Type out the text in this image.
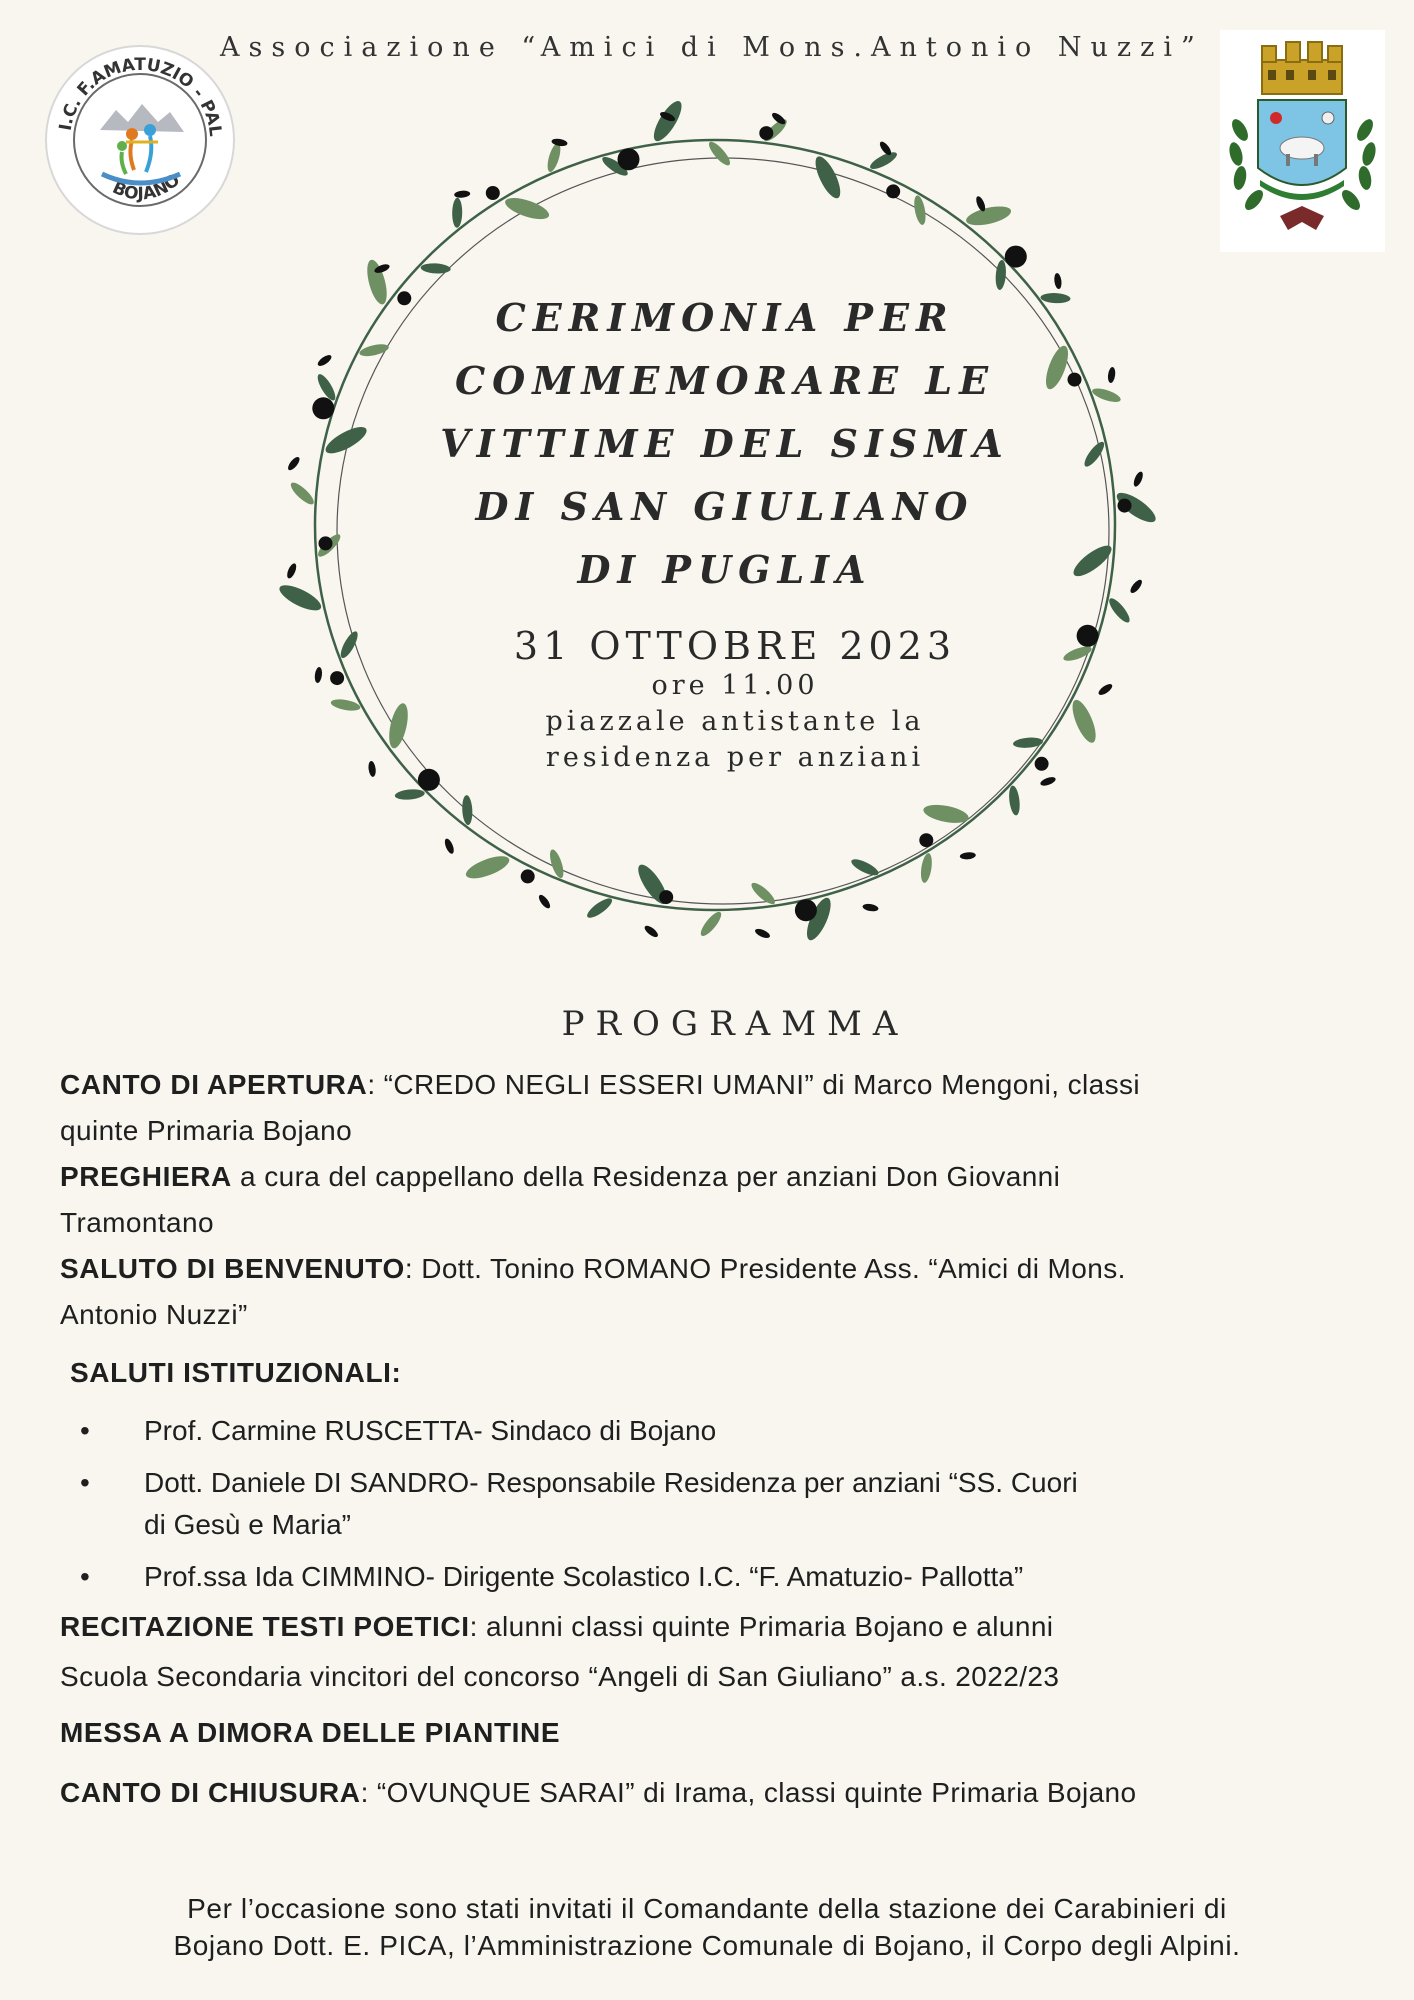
Associazione “Amici di Mons.Antonio Nuzzi”
I.C. F.AMATUZIO - PAL
BOJANO
CERIMONIA PER
COMMEMORARE LE
VITTIME DEL SISMA
DI SAN GIULIANO
DI PUGLIA
31 OTTOBRE 2023
ore 11.00
piazzale antistante la
residenza per anziani
PROGRAMMA
CANTO DI APERTURA: “CREDO NEGLI ESSERI UMANI” di Marco Mengoni, classi
quinte Primaria Bojano
PREGHIERA a cura del cappellano della Residenza per anziani Don Giovanni
Tramontano
SALUTO DI BENVENUTO: Dott. Tonino ROMANO Presidente Ass. “Amici di Mons.
Antonio Nuzzi”
SALUTI ISTITUZIONALI:
• Prof. Carmine RUSCETTA- Sindaco di Bojano
• Dott. Daniele DI SANDRO- Responsabile Residenza per anziani “SS. Cuori
di Gesù e Maria”
• Prof.ssa Ida CIMMINO- Dirigente Scolastico I.C. “F. Amatuzio- Pallotta”
RECITAZIONE TESTI POETICI: alunni classi quinte Primaria Bojano e alunni
Scuola Secondaria vincitori del concorso “Angeli di San Giuliano” a.s. 2022/23
MESSA A DIMORA DELLE PIANTINE
CANTO DI CHIUSURA: “OVUNQUE SARAI” di Irama, classi quinte Primaria Bojano
Per l’occasione sono stati invitati il Comandante della stazione dei Carabinieri di
Bojano Dott. E. PICA, l’Amministrazione Comunale di Bojano, il Corpo degli Alpini.
